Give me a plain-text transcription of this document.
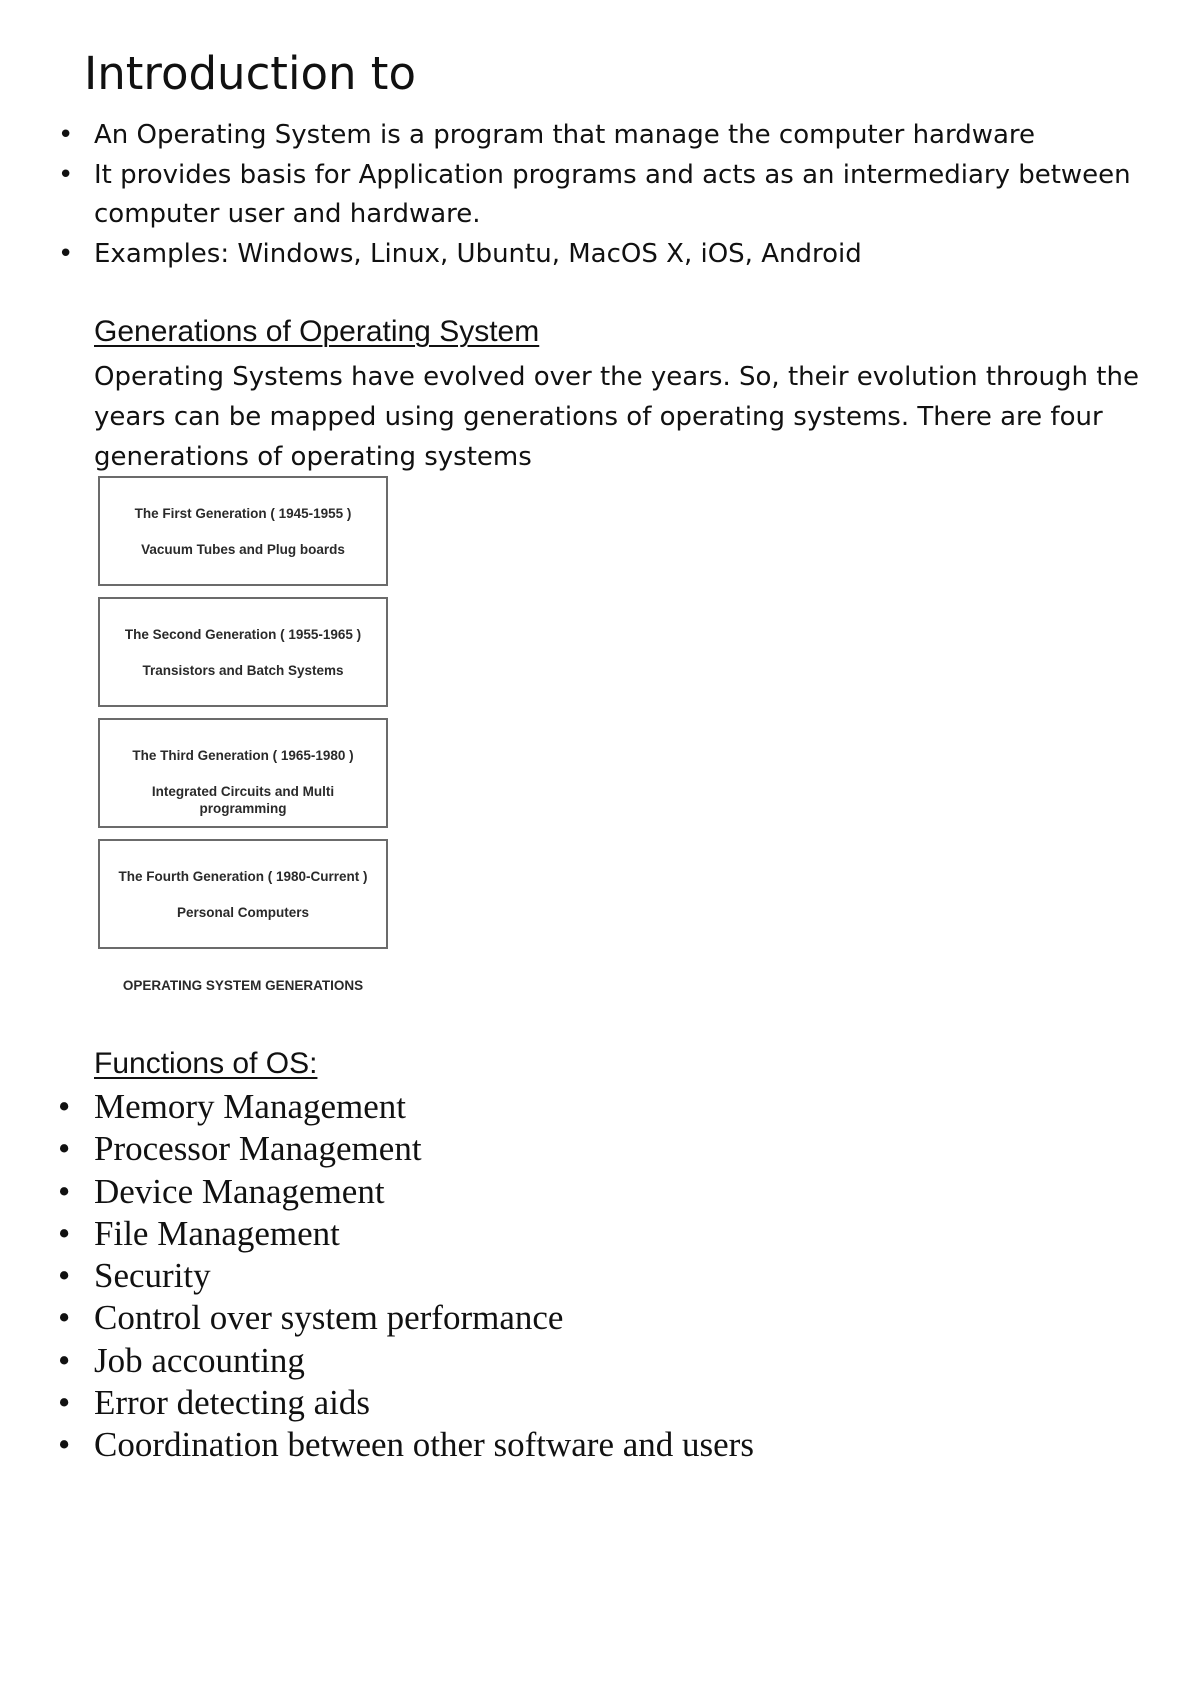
Introduction to
• An Operating System is a program that manage the computer hardware
• It provides basis for Application programs and acts as an intermediary between computer user and hardware.
• Examples: Windows, Linux, Ubuntu, MacOS X, iOS, Android
Generations of Operating System

Operating Systems have evolved over the years. So, their evolution through the years can be mapped using generations of operating systems. There are four generations of operating systems

The First Generation ( 1945-1955 )
Vacuum Tubes and Plug boards
The Second Generation ( 1955-1965 )
Transistors and Batch Systems
The Third Generation ( 1965-1980 )
Integrated Circuits and Multi programming
The Fourth Generation ( 1980-Current )
Personal Computers
OPERATING SYSTEM GENERATIONS
Functions of OS:
• Memory Management
• Processor Management
• Device Management
• File Management
• Security
• Control over system performance
• Job accounting
• Error detecting aids
• Coordination between other software and users
